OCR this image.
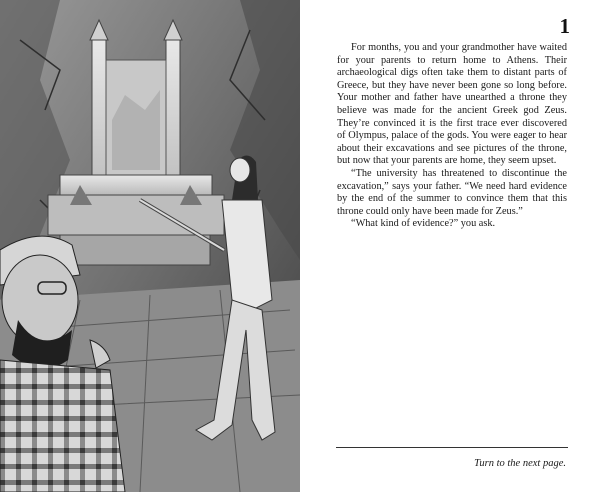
1

For months, you and your grandmother have waited for your parents to return home to Athens. Their archaeological digs often take them to distant parts of Greece, but they have never been gone so long before. Your mother and father have unearthed a throne they believe was made for the ancient Greek god Zeus. They’re convinced it is the first trace ever discovered of Olympus, palace of the gods. You were eager to hear about their excavations and see pictures of the throne, but now that your parents are home, they seem upset.

“The university has threatened to discontinue the excavation,” says your father. “We need hard evidence by the end of the summer to convince them that this throne could only have been made for Zeus.”

“What kind of evidence?” you ask.

Turn to the next page.
